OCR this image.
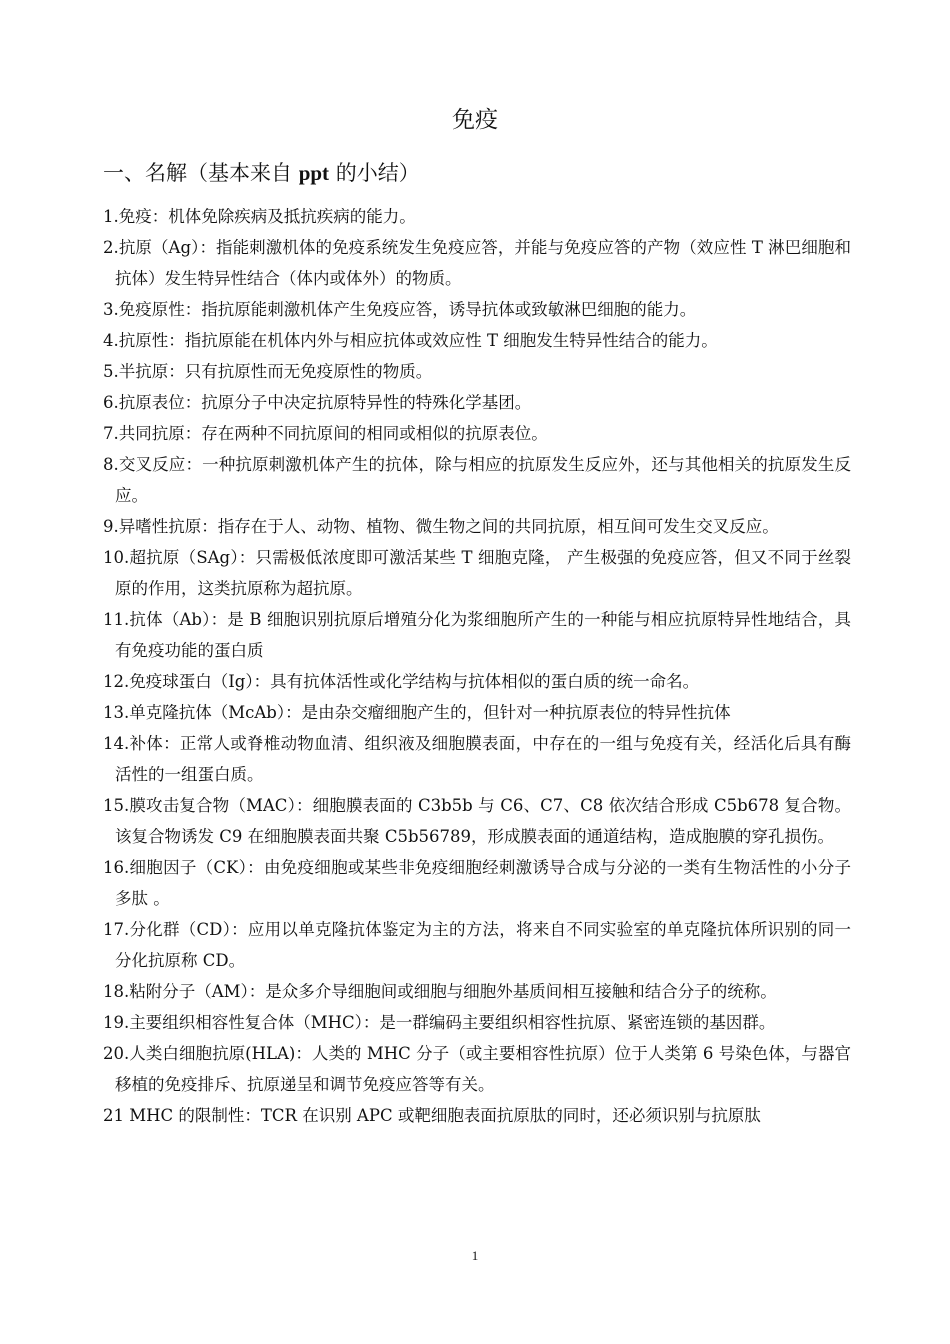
免疫
一、名解（基本来自 ppt 的小结）

1.免疫：机体免除疾病及抵抗疾病的能力。

2.抗原（Ag）：指能刺激机体的免疫系统发生免疫应答，并能与免疫应答的产物（效应性 T 淋巴细胞和抗体）发生特异性结合（体内或体外）的物质。

3.免疫原性：指抗原能刺激机体产生免疫应答，诱导抗体或致敏淋巴细胞的能力。

4.抗原性：指抗原能在机体内外与相应抗体或效应性 T 细胞发生特异性结合的能力。

5.半抗原：只有抗原性而无免疫原性的物质。

6.抗原表位：抗原分子中决定抗原特异性的特殊化学基团。

7.共同抗原：存在两种不同抗原间的相同或相似的抗原表位。

8.交叉反应：一种抗原刺激机体产生的抗体，除与相应的抗原发生反应外，还与其他相关的抗原发生反应。

9.异嗜性抗原：指存在于人、动物、植物、微生物之间的共同抗原，相互间可发生交叉反应。

10.超抗原（SAg）：只需极低浓度即可激活某些 T 细胞克隆， 产生极强的免疫应答，但又不同于丝裂原的作用，这类抗原称为超抗原。

11.抗体（Ab）：是 B 细胞识别抗原后增殖分化为浆细胞所产生的一种能与相应抗原特异性地结合，具有免疫功能的蛋白质

12.免疫球蛋白（Ig）：具有抗体活性或化学结构与抗体相似的蛋白质的统一命名。

13.单克隆抗体（McAb）：是由杂交瘤细胞产生的，但针对一种抗原表位的特异性抗体

14.补体：正常人或脊椎动物血清、组织液及细胞膜表面，中存在的一组与免疫有关，经活化后具有酶活性的一组蛋白质。

15.膜攻击复合物（MAC）：细胞膜表面的 C3b5b 与 C6、C7、C8 依次结合形成 C5b678 复合物。该复合物诱发 C9 在细胞膜表面共聚 C5b56789，形成膜表面的通道结构，造成胞膜的穿孔损伤。

16.细胞因子（CK）：由免疫细胞或某些非免疫细胞经刺激诱导合成与分泌的一类有生物活性的小分子多肽 。

17.分化群（CD）：应用以单克隆抗体鉴定为主的方法，将来自不同实验室的单克隆抗体所识别的同一分化抗原称 CD。

18.粘附分子（AM）：是众多介导细胞间或细胞与细胞外基质间相互接触和结合分子的统称。

19.主要组织相容性复合体（MHC）：是一群编码主要组织相容性抗原、紧密连锁的基因群。

20.人类白细胞抗原(HLA)：人类的 MHC 分子（或主要相容性抗原）位于人类第 6 号染色体，与器官移植的免疫排斥、抗原递呈和调节免疫应答等有关。

21 MHC 的限制性：TCR 在识别 APC 或靶细胞表面抗原肽的同时，还必须识别与抗原肽

1
